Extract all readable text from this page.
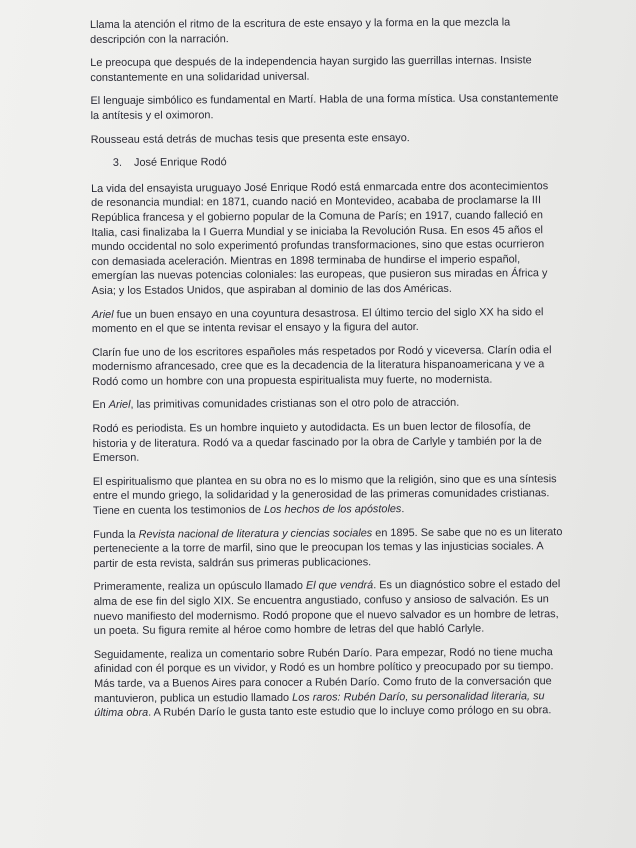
Llama la atención el ritmo de la escritura de este ensayo y la forma en la que mezcla la descripción con la narración.

Le preocupa que después de la independencia hayan surgido las guerrillas internas. Insiste constantemente en una solidaridad universal.

El lenguaje simbólico es fundamental en Martí. Habla de una forma mística. Usa constantemente la antítesis y el oximoron.

Rousseau está detrás de muchas tesis que presenta este ensayo.

3. José Enrique Rodó

La vida del ensayista uruguayo José Enrique Rodó está enmarcada entre dos acontecimientos de resonancia mundial: en 1871, cuando nació en Montevideo, acababa de proclamarse la III República francesa y el gobierno popular de la Comuna de París; en 1917, cuando falleció en Italia, casi finalizaba la I Guerra Mundial y se iniciaba la Revolución Rusa. En esos 45 años el mundo occidental no solo experimentó profundas transformaciones, sino que estas ocurrieron con demasiada aceleración. Mientras en 1898 terminaba de hundirse el imperio español, emergían las nuevas potencias coloniales: las europeas, que pusieron sus miradas en África y Asia; y los Estados Unidos, que aspiraban al dominio de las dos Américas.

Ariel fue un buen ensayo en una coyuntura desastrosa. El último tercio del siglo XX ha sido el momento en el que se intenta revisar el ensayo y la figura del autor.

Clarín fue uno de los escritores españoles más respetados por Rodó y viceversa. Clarín odia el modernismo afrancesado, cree que es la decadencia de la literatura hispanoamericana y ve a Rodó como un hombre con una propuesta espiritualista muy fuerte, no modernista.

En Ariel, las primitivas comunidades cristianas son el otro polo de atracción.

Rodó es periodista. Es un hombre inquieto y autodidacta. Es un buen lector de filosofía, de historia y de literatura. Rodó va a quedar fascinado por la obra de Carlyle y también por la de Emerson.

El espiritualismo que plantea en su obra no es lo mismo que la religión, sino que es una síntesis entre el mundo griego, la solidaridad y la generosidad de las primeras comunidades cristianas. Tiene en cuenta los testimonios de Los hechos de los apóstoles.

Funda la Revista nacional de literatura y ciencias sociales en 1895. Se sabe que no es un literato perteneciente a la torre de marfil, sino que le preocupan los temas y las injusticias sociales. A partir de esta revista, saldrán sus primeras publicaciones.

Primeramente, realiza un opúsculo llamado El que vendrá. Es un diagnóstico sobre el estado del alma de ese fin del siglo XIX. Se encuentra angustiado, confuso y ansioso de salvación. Es un nuevo manifiesto del modernismo. Rodó propone que el nuevo salvador es un hombre de letras, un poeta. Su figura remite al héroe como hombre de letras del que habló Carlyle.

Seguidamente, realiza un comentario sobre Rubén Darío. Para empezar, Rodó no tiene mucha afinidad con él porque es un vividor, y Rodó es un hombre político y preocupado por su tiempo. Más tarde, va a Buenos Aires para conocer a Rubén Darío. Como fruto de la conversación que mantuvieron, publica un estudio llamado Los raros: Rubén Darío, su personalidad literaria, su última obra. A Rubén Darío le gusta tanto este estudio que lo incluye como prólogo en su obra.
